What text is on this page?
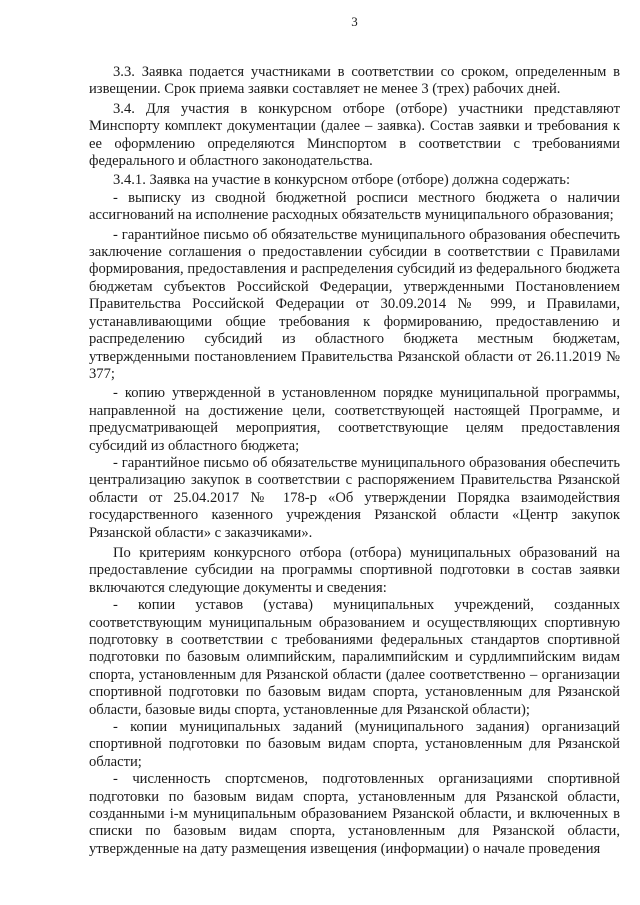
3

3.3. Заявка подается участниками в соответствии со сроком, определенным в извещении. Срок приема заявки составляет не менее 3 (трех) рабочих дней.

3.4. Для участия в конкурсном отборе (отборе) участники представляют Минспорту комплект документации (далее – заявка). Состав заявки и требования к ее оформлению определяются Минспортом в соответствии с требованиями федерального и областного законодательства.

3.4.1. Заявка на участие в конкурсном отборе (отборе) должна содержать:

- выписку из сводной бюджетной росписи местного бюджета о наличии ассигнований на исполнение расходных обязательств муниципального образования;

- гарантийное письмо об обязательстве муниципального образования обеспечить заключение соглашения о предоставлении субсидии в соответствии с Правилами формирования, предоставления и распределения субсидий из федерального бюджета бюджетам субъектов Российской Федерации, утвержденными Постановлением Правительства Российской Федерации от 30.09.2014 № 999, и Правилами, устанавливающими общие требования к формированию, предоставлению и распределению субсидий из областного бюджета местным бюджетам, утвержденными постановлением Правительства Рязанской области от 26.11.2019 № 377;

- копию утвержденной в установленном порядке муниципальной программы, направленной на достижение цели, соответствующей настоящей Программе, и предусматривающей мероприятия, соответствующие целям предоставления субсидий из областного бюджета;

- гарантийное письмо об обязательстве муниципального образования обеспечить централизацию закупок в соответствии с распоряжением Правительства Рязанской области от 25.04.2017 № 178-р «Об утверждении Порядка взаимодействия государственного казенного учреждения Рязанской области «Центр закупок Рязанской области» с заказчиками».

По критериям конкурсного отбора (отбора) муниципальных образований на предоставление субсидии на программы спортивной подготовки в состав заявки включаются следующие документы и сведения:

- копии уставов (устава) муниципальных учреждений, созданных соответствующим муниципальным образованием и осуществляющих спортивную подготовку в соответствии с требованиями федеральных стандартов спортивной подготовки по базовым олимпийским, паралимпийским и сурдлимпийским видам спорта, установленным для Рязанской области (далее соответственно – организации спортивной подготовки по базовым видам спорта, установленным для Рязанской области, базовые виды спорта, установленные для Рязанской области);

- копии муниципальных заданий (муниципального задания) организаций спортивной подготовки по базовым видам спорта, установленным для Рязанской области;

- численность спортсменов, подготовленных организациями спортивной подготовки по базовым видам спорта, установленным для Рязанской области, созданными i-м муниципальным образованием Рязанской области, и включенных в списки по базовым видам спорта, установленным для Рязанской области, утвержденные на дату размещения извещения (информации) о начале проведения
